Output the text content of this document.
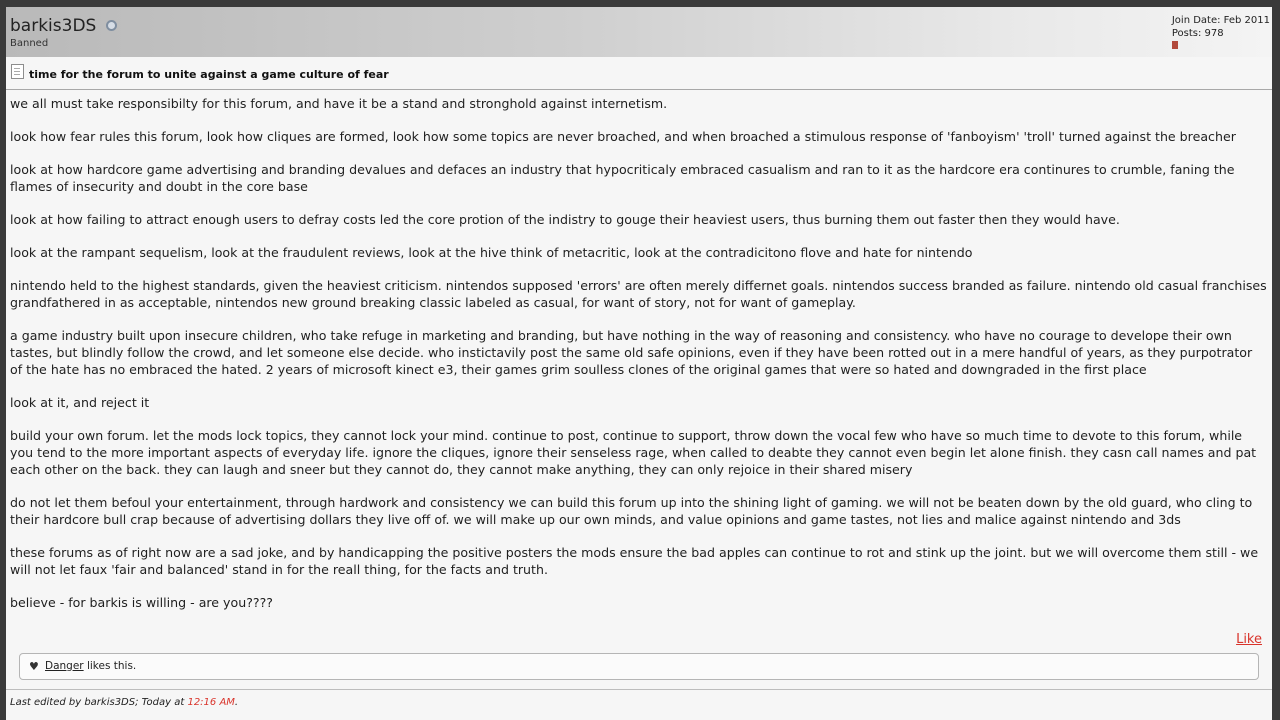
barkis3DS
Banned
Join Date: Feb 2011
Posts: 978
time for the forum to unite against a game culture of fear

we all must take responsibilty for this forum, and have it be a stand and stronghold against internetism.

look how fear rules this forum, look how cliques are formed, look how some topics are never broached, and when broached a stimulous response of 'fanboyism' 'troll' turned against the breacher

look at how hardcore game advertising and branding devalues and defaces an industry that hypocriticaly embraced casualism and ran to it as the hardcore era continures to crumble, faning the flames of insecurity and doubt in the core base

look at how failing to attract enough users to defray costs led the core protion of the indistry to gouge their heaviest users, thus burning them out faster then they would have.

look at the rampant sequelism, look at the fraudulent reviews, look at the hive think of metacritic, look at the contradicitono flove and hate for nintendo

nintendo held to the highest standards, given the heaviest criticism. nintendos supposed 'errors' are often merely differnet goals. nintendos success branded as failure. nintendo old casual franchises grandfathered in as acceptable, nintendos new ground breaking classic labeled as casual, for want of story, not for want of gameplay.

a game industry built upon insecure children, who take refuge in marketing and branding, but have nothing in the way of reasoning and consistency. who have no courage to develope their own tastes, but blindly follow the crowd, and let someone else decide. who instictavily post the same old safe opinions, even if they have been rotted out in a mere handful of years, as they purpotrator of the hate has no embraced the hated. 2 years of microsoft kinect e3, their games grim soulless clones of the original games that were so hated and downgraded in the first place

look at it, and reject it

build your own forum. let the mods lock topics, they cannot lock your mind. continue to post, continue to support, throw down the vocal few who have so much time to devote to this forum, while you tend to the more important aspects of everyday life. ignore the cliques, ignore their senseless rage, when called to deabte they cannot even begin let alone finish. they casn call names and pat each other on the back. they can laugh and sneer but they cannot do, they cannot make anything, they can only rejoice in their shared misery

do not let them befoul your entertainment, through hardwork and consistency we can build this forum up into the shining light of gaming. we will not be beaten down by the old guard, who cling to their hardcore bull crap because of advertising dollars they live off of. we will make up our own minds, and value opinions and game tastes, not lies and malice against nintendo and 3ds

these forums as of right now are a sad joke, and by handicapping the positive posters the mods ensure the bad apples can continue to rot and stink up the joint. but we will overcome them still - we will not let faux 'fair and balanced' stand in for the reall thing, for the facts and truth.

believe - for barkis is willing - are you????

Like
♥ Danger likes this.
Last edited by barkis3DS; Today at 12:16 AM.
